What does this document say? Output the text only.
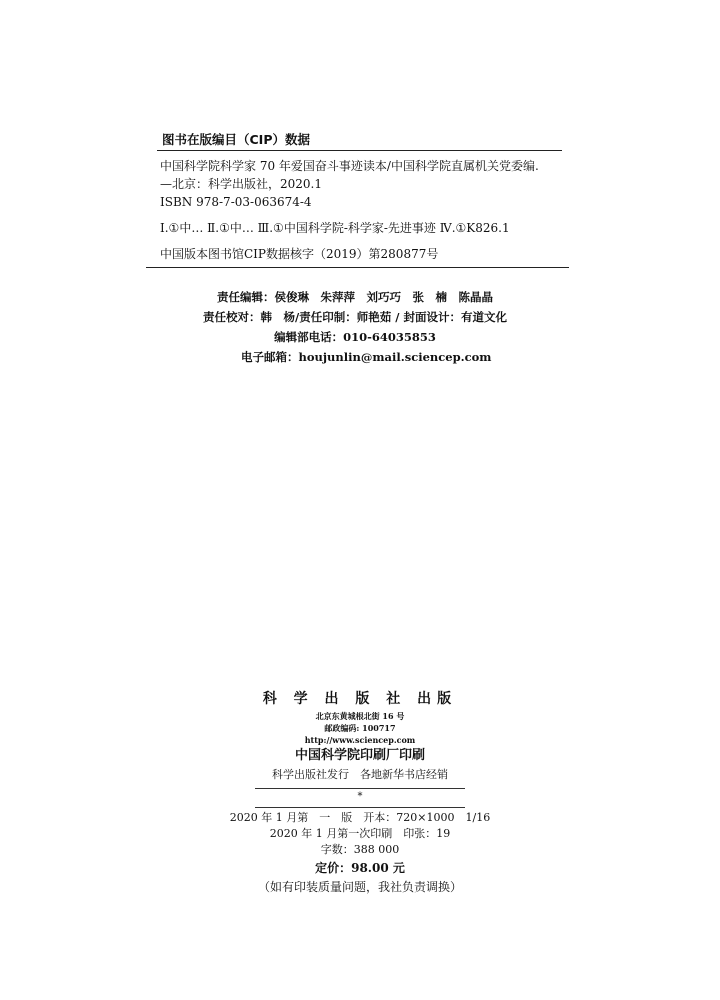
图书在版编目（CIP）数据
中国科学院科学家 70 年爱国奋斗事迹读本/中国科学院直属机关党委编.
—北京：科学出版社，2020.1
ISBN 978-7-03-063674-4
Ⅰ.①中… Ⅱ.①中… Ⅲ.①中国科学院-科学家-先进事迹 Ⅳ.①K826.1
中国版本图书馆CIP数据核字（2019）第280877号
责任编辑：侯俊琳　朱萍萍　刘巧巧　张　楠　陈晶晶
责任校对：韩　杨/责任印制：师艳茹 / 封面设计：有道文化
编辑部电话：010-64035853
电子邮箱：houjunlin@mail.sciencep.com
科 学 出 版 社 出版
北京东黄城根北街 16 号
邮政编码: 100717
http://www.sciencep.com
中国科学院印刷厂印刷
科学出版社发行　各地新华书店经销
*
2020 年 1 月第　一　版　开本：720×1000　1/16
2020 年 1 月第一次印刷　印张：19
字数：388 000
定价：98.00 元
（如有印装质量问题，我社负责调换）
